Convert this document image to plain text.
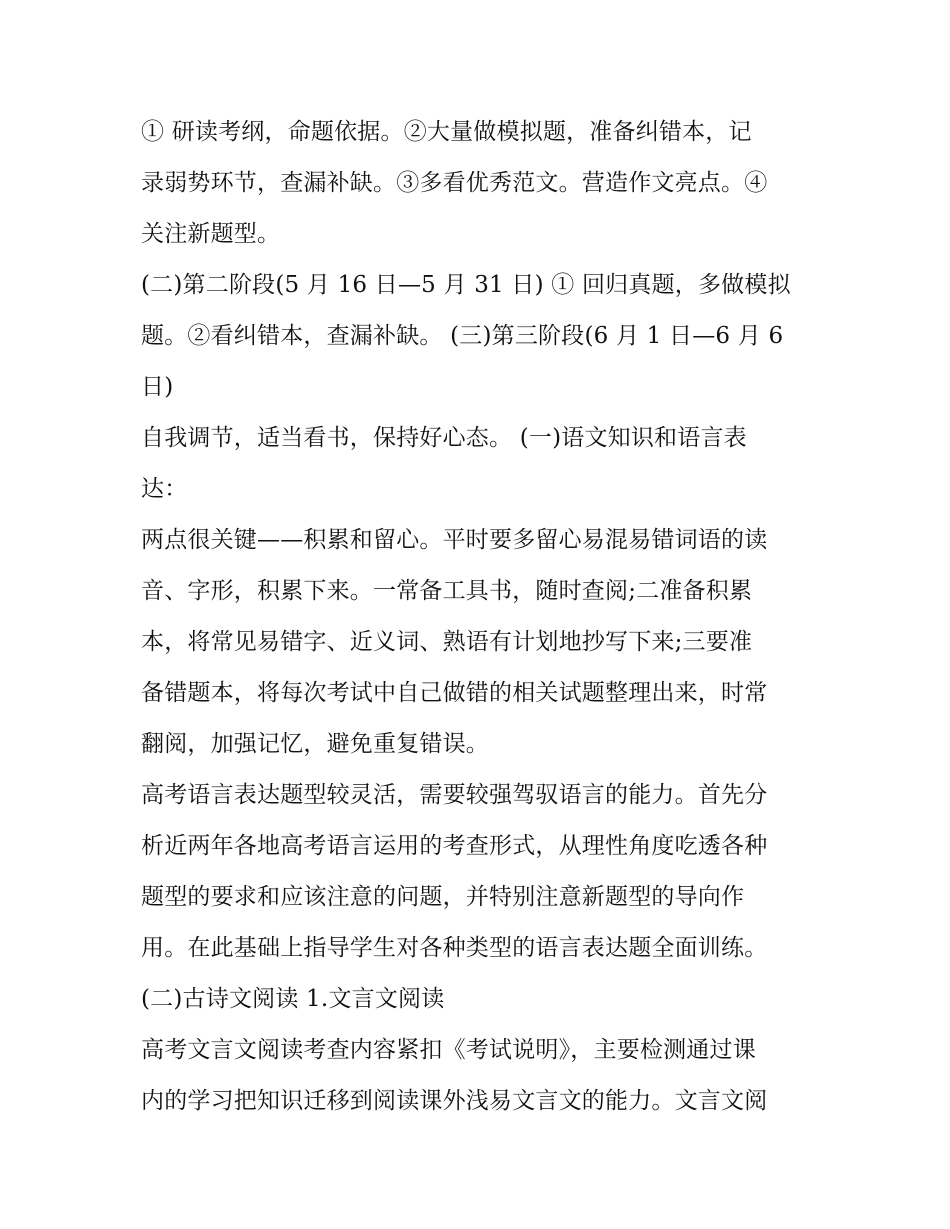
① 研读考纲，命题依据。②大量做模拟题，准备纠错本，记
录弱势环节，查漏补缺。③多看优秀范文。营造作文亮点。④
关注新题型。
(二)第二阶段(5 月 16 日—5 月 31 日) ① 回归真题，多做模拟
题。②看纠错本，查漏补缺。 (三)第三阶段(6 月 1 日—6 月 6
日)
自我调节，适当看书，保持好心态。 (一)语文知识和语言表
达：
两点很关键——积累和留心。平时要多留心易混易错词语的读
音、字形，积累下来。一常备工具书，随时查阅;二准备积累
本，将常见易错字、近义词、熟语有计划地抄写下来;三要准
备错题本，将每次考试中自己做错的相关试题整理出来，时常
翻阅，加强记忆，避免重复错误。
高考语言表达题型较灵活，需要较强驾驭语言的能力。首先分
析近两年各地高考语言运用的考查形式，从理性角度吃透各种
题型的要求和应该注意的问题，并特别注意新题型的导向作
用。在此基础上指导学生对各种类型的语言表达题全面训练。
(二)古诗文阅读 1.文言文阅读
高考文言文阅读考查内容紧扣《考试说明》，主要检测通过课
内的学习把知识迁移到阅读课外浅易文言文的能力。文言文阅
